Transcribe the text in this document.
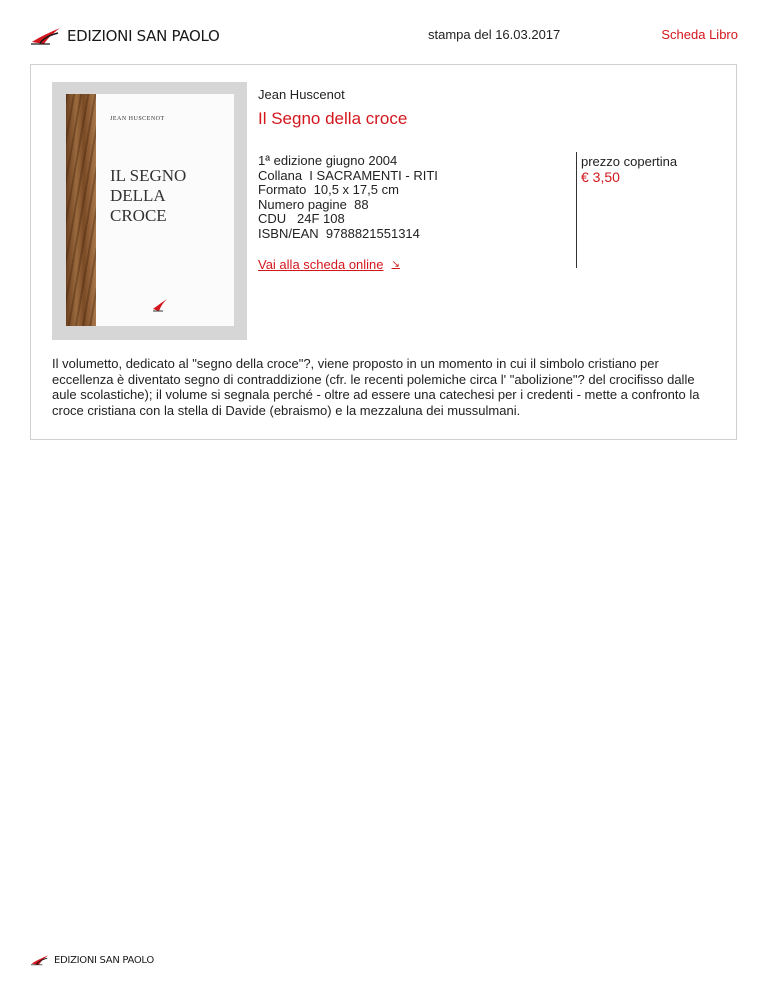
EDIZIONI SAN PAOLO	stampa del 16.03.2017	Scheda Libro
JEAN HUSCENOT
IL SEGNO
DELLA
CROCE
Jean Huscenot
Il Segno della croce
1ª edizione giugno 2004
Collana  I SACRAMENTI - RITI
Formato  10,5 x 17,5 cm
Numero pagine  88
CDU   24F 108
ISBN/EAN  9788821551314
Vai alla scheda online ↘
prezzo copertina
€ 3,50
Il volumetto, dedicato al "segno della croce"?, viene proposto in un momento in cui il simbolo cristiano per eccellenza è diventato segno di contraddizione (cfr. le recenti polemiche circa l' "abolizione"? del crocifisso dalle aule scolastiche); il volume si segnala perché - oltre ad essere una catechesi per i credenti - mette a confronto la croce cristiana con la stella di Davide (ebraismo) e la mezzaluna dei mussulmani.
EDIZIONI SAN PAOLO
